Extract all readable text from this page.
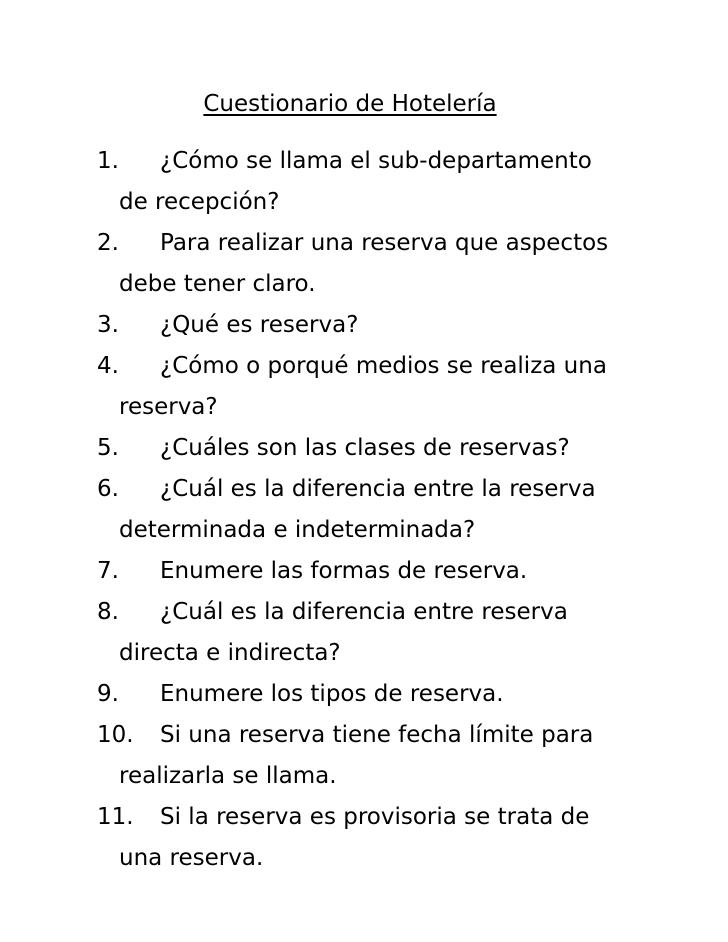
Cuestionario de Hotelería
1.	¿Cómo se llama el sub-departamento
de recepción?
2.	Para realizar una reserva que aspectos
debe tener claro.
3.	¿Qué es reserva?
4.	¿Cómo o porqué medios se realiza una
reserva?
5.	¿Cuáles son las clases de reservas?
6.	¿Cuál es la diferencia entre la reserva
determinada e indeterminada?
7.	Enumere las formas de reserva.
8.	¿Cuál es la diferencia entre reserva
directa e indirecta?
9.	Enumere los tipos de reserva.
10.	Si una reserva tiene fecha límite para
realizarla se llama.
11.	Si la reserva es provisoria se trata de
una reserva.
